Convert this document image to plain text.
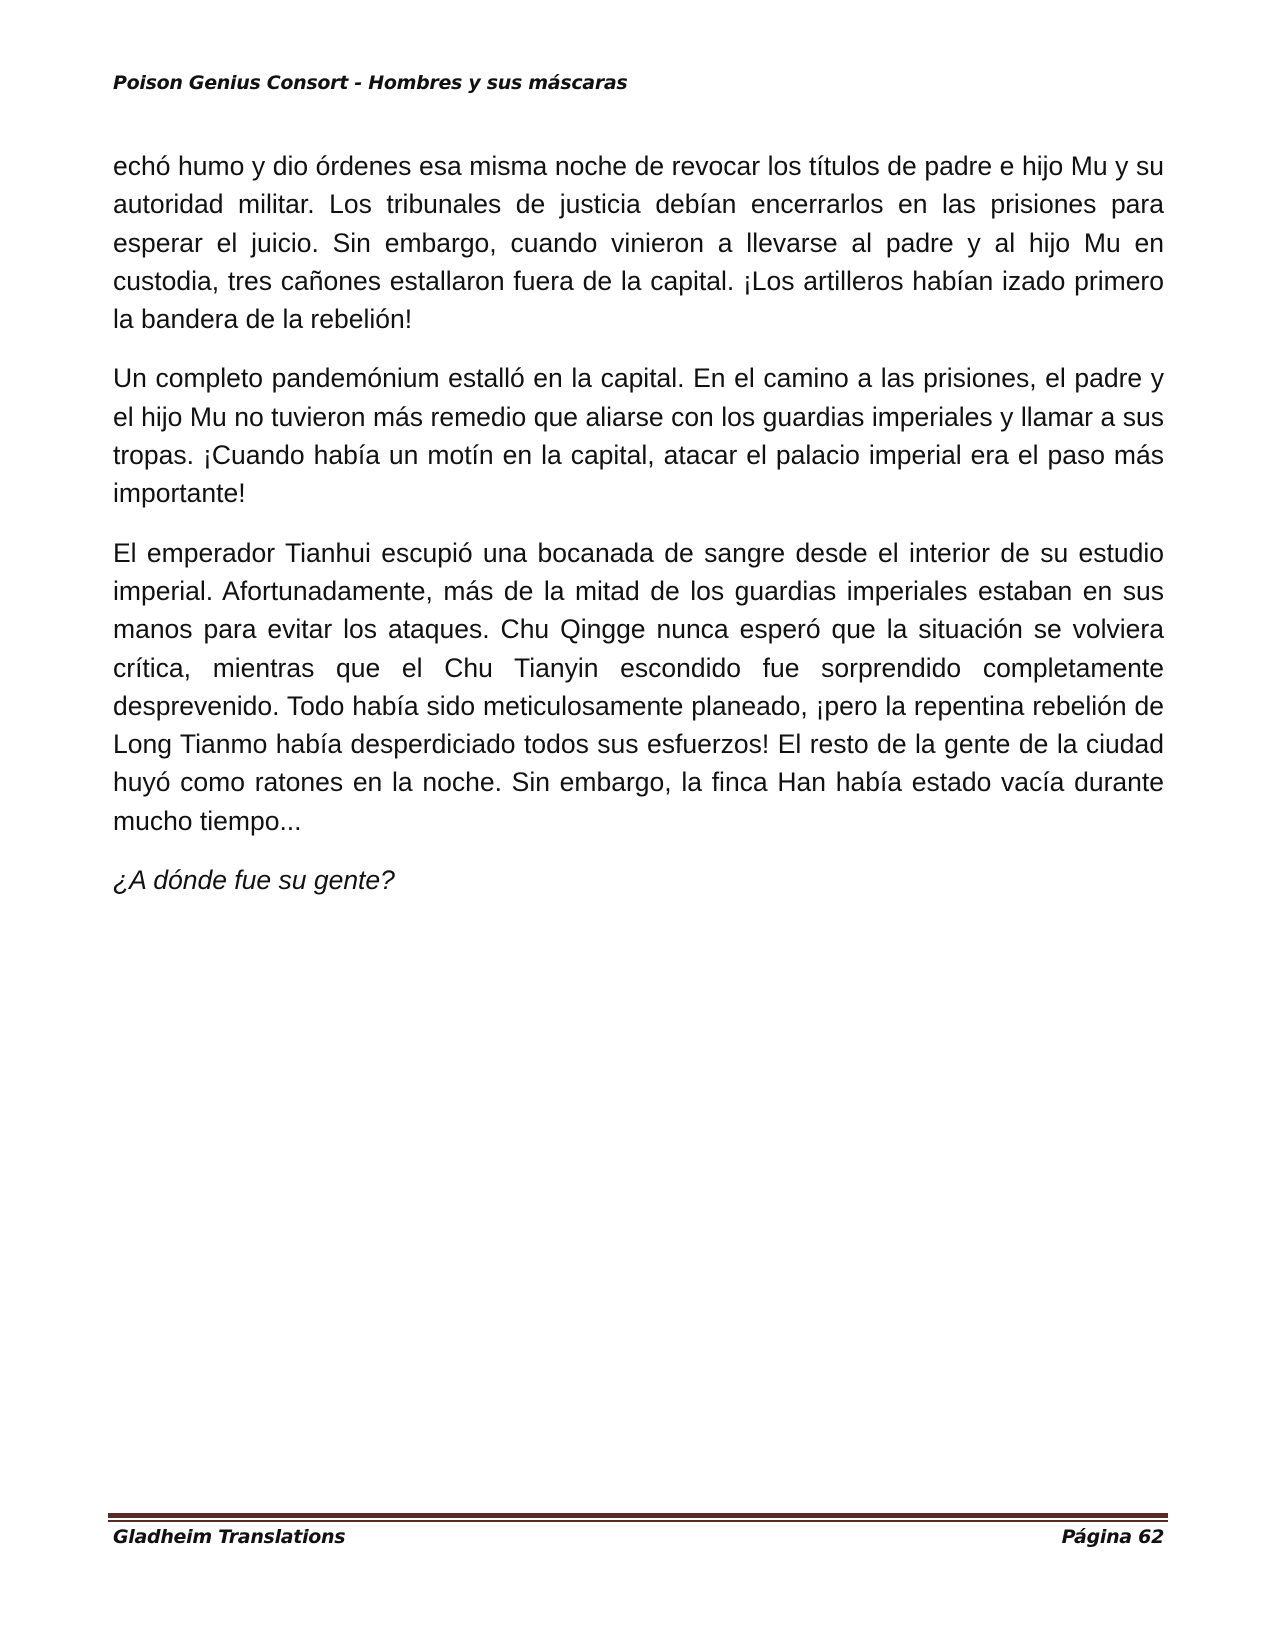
Poison Genius Consort - Hombres y sus máscaras

echó humo y dio órdenes esa misma noche de revocar los títulos de padre e hijo Mu y su autoridad militar. Los tribunales de justicia debían encerrarlos en las prisiones para esperar el juicio. Sin embargo, cuando vinieron a llevarse al padre y al hijo Mu en custodia, tres cañones estallaron fuera de la capital. ¡Los artilleros habían izado primero la bandera de la rebelión!

Un completo pandemónium estalló en la capital. En el camino a las prisiones, el padre y el hijo Mu no tuvieron más remedio que aliarse con los guardias imperiales y llamar a sus tropas. ¡Cuando había un motín en la capital, atacar el palacio imperial era el paso más importante!

El emperador Tianhui escupió una bocanada de sangre desde el interior de su estudio imperial. Afortunadamente, más de la mitad de los guardias imperiales estaban en sus manos para evitar los ataques. Chu Qingge nunca esperó que la situación se volviera crítica, mientras que el Chu Tianyin escondido fue sorprendido completamente desprevenido. Todo había sido meticulosamente planeado, ¡pero la repentina rebelión de Long Tianmo había desperdiciado todos sus esfuerzos! El resto de la gente de la ciudad huyó como ratones en la noche. Sin embargo, la finca Han había estado vacía durante mucho tiempo...

¿A dónde fue su gente?

Gladheim Translations	Página 62
